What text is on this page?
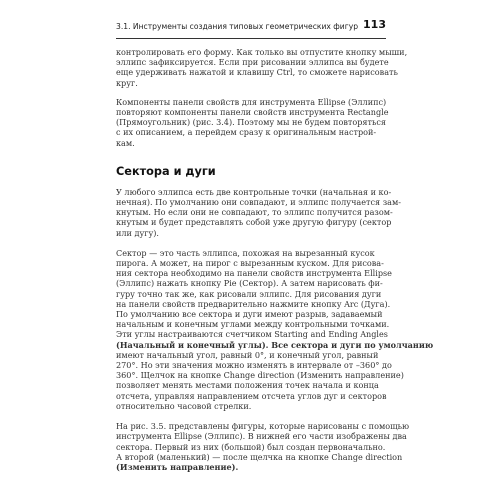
3.1. Инструменты создания типовых геометрических фигур 113

контролировать его форму. Как только вы отпустите кнопку мыши,
эллипс зафиксируется. Если при рисовании эллипса вы будете
еще удерживать нажатой и клавишу Ctrl, то сможете нарисовать
круг.

Компоненты панели свойств для инструмента Ellipse (Эллипс)
повторяют компоненты панели свойств инструмента Rectangle
(Прямоугольник) (рис. 3.4). Поэтому мы не будем повторяться
с их описанием, а перейдем сразу к оригинальным настрой-
кам.

Сектора и дуги

У любого эллипса есть две контрольные точки (начальная и ко-
нечная). По умолчанию они совпадают, и эллипс получается зам-
кнутым. Но если они не совпадают, то эллипс получится разом-
кнутым и будет представлять собой уже другую фигуру (сектор
или дугу).

Сектор — это часть эллипса, похожая на вырезанный кусок
пирога. А может, на пирог с вырезанным куском. Для рисова-
ния сектора необходимо на панели свойств инструмента Ellipse
(Эллипс) нажать кнопку Pie (Сектор). А затем нарисовать фи-
гуру точно так же, как рисовали эллипс. Для рисования дуги
на панели свойств предварительно нажмите кнопку Arc (Дуга).
По умолчанию все сектора и дуги имеют разрыв, задаваемый
начальным и конечным углами между контрольными точками.
Эти углы настраиваются счетчиком Starting and Ending Angles
(Начальный и конечный углы). Все сектора и дуги по умолчанию
имеют начальный угол, равный 0°, и конечный угол, равный
270°. Но эти значения можно изменять в интервале от –360° до
360°. Щелчок на кнопке Change direction (Изменить направление)
позволяет менять местами положения точек начала и конца
отсчета, управляя направлением отсчета углов дуг и секторов
относительно часовой стрелки.

На рис. 3.5. представлены фигуры, которые нарисованы с помощью
инструмента Ellipse (Эллипс). В нижней его части изображены два
сектора. Первый из них (большой) был создан первоначально.
А второй (маленький) — после щелчка на кнопке Change direction
(Изменить направление).
